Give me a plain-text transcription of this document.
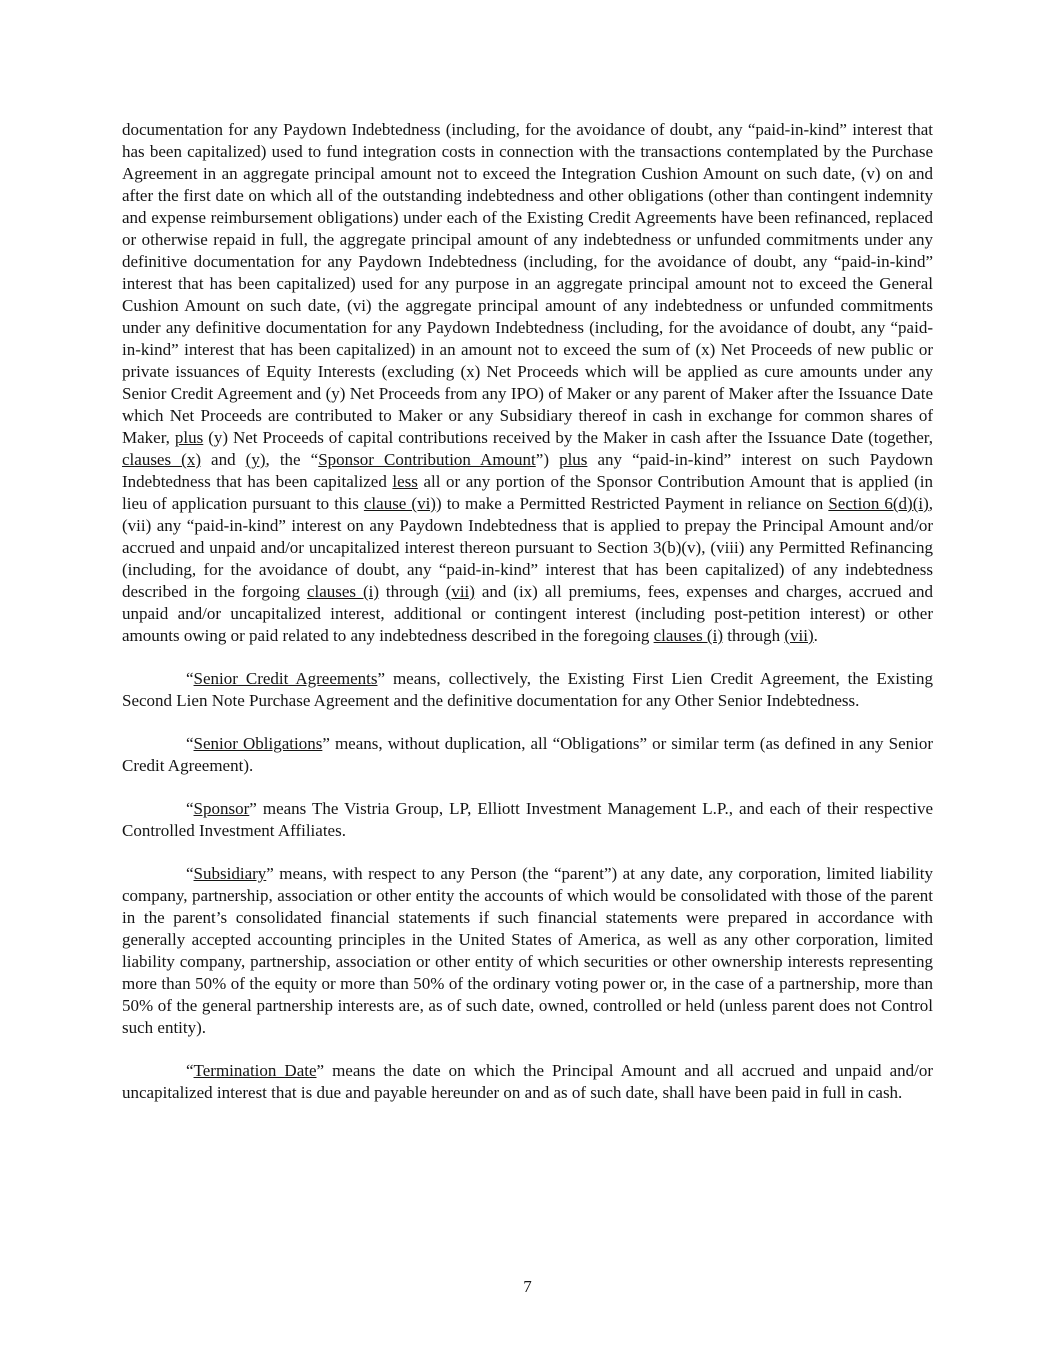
documentation for any Paydown Indebtedness (including, for the avoidance of doubt, any “paid-in-kind” interest that has been capitalized) used to fund integration costs in connection with the transactions contemplated by the Purchase Agreement in an aggregate principal amount not to exceed the Integration Cushion Amount on such date, (v) on and after the first date on which all of the outstanding indebtedness and other obligations (other than contingent indemnity and expense reimbursement obligations) under each of the Existing Credit Agreements have been refinanced, replaced or otherwise repaid in full, the aggregate principal amount of any indebtedness or unfunded commitments under any definitive documentation for any Paydown Indebtedness (including, for the avoidance of doubt, any “paid-in-kind” interest that has been capitalized) used for any purpose in an aggregate principal amount not to exceed the General Cushion Amount on such date, (vi) the aggregate principal amount of any indebtedness or unfunded commitments under any definitive documentation for any Paydown Indebtedness (including, for the avoidance of doubt, any “paid-in-kind” interest that has been capitalized) in an amount not to exceed the sum of (x) Net Proceeds of new public or private issuances of Equity Interests (excluding (x) Net Proceeds which will be applied as cure amounts under any Senior Credit Agreement and (y) Net Proceeds from any IPO) of Maker or any parent of Maker after the Issuance Date which Net Proceeds are contributed to Maker or any Subsidiary thereof in cash in exchange for common shares of Maker, plus (y) Net Proceeds of capital contributions received by the Maker in cash after the Issuance Date (together, clauses (x) and (y), the “Sponsor Contribution Amount”) plus any “paid-in-kind” interest on such Paydown Indebtedness that has been capitalized less all or any portion of the Sponsor Contribution Amount that is applied (in lieu of application pursuant to this clause (vi)) to make a Permitted Restricted Payment in reliance on Section 6(d)(i), (vii) any “paid-in-kind” interest on any Paydown Indebtedness that is applied to prepay the Principal Amount and/or accrued and unpaid and/or uncapitalized interest thereon pursuant to Section 3(b)(v), (viii) any Permitted Refinancing (including, for the avoidance of doubt, any “paid-in-kind” interest that has been capitalized) of any indebtedness described in the forgoing clauses (i) through (vii) and (ix) all premiums, fees, expenses and charges, accrued and unpaid and/or uncapitalized interest, additional or contingent interest (including post-petition interest) or other amounts owing or paid related to any indebtedness described in the foregoing clauses (i) through (vii).

“Senior Credit Agreements” means, collectively, the Existing First Lien Credit Agreement, the Existing Second Lien Note Purchase Agreement and the definitive documentation for any Other Senior Indebtedness.

“Senior Obligations” means, without duplication, all “Obligations” or similar term (as defined in any Senior Credit Agreement).

“Sponsor” means The Vistria Group, LP, Elliott Investment Management L.P., and each of their respective Controlled Investment Affiliates.

“Subsidiary” means, with respect to any Person (the “parent”) at any date, any corporation, limited liability company, partnership, association or other entity the accounts of which would be consolidated with those of the parent in the parent’s consolidated financial statements if such financial statements were prepared in accordance with generally accepted accounting principles in the United States of America, as well as any other corporation, limited liability company, partnership, association or other entity of which securities or other ownership interests representing more than 50% of the equity or more than 50% of the ordinary voting power or, in the case of a partnership, more than 50% of the general partnership interests are, as of such date, owned, controlled or held (unless parent does not Control such entity).

“Termination Date” means the date on which the Principal Amount and all accrued and unpaid and/or uncapitalized interest that is due and payable hereunder on and as of such date, shall have been paid in full in cash.

7
